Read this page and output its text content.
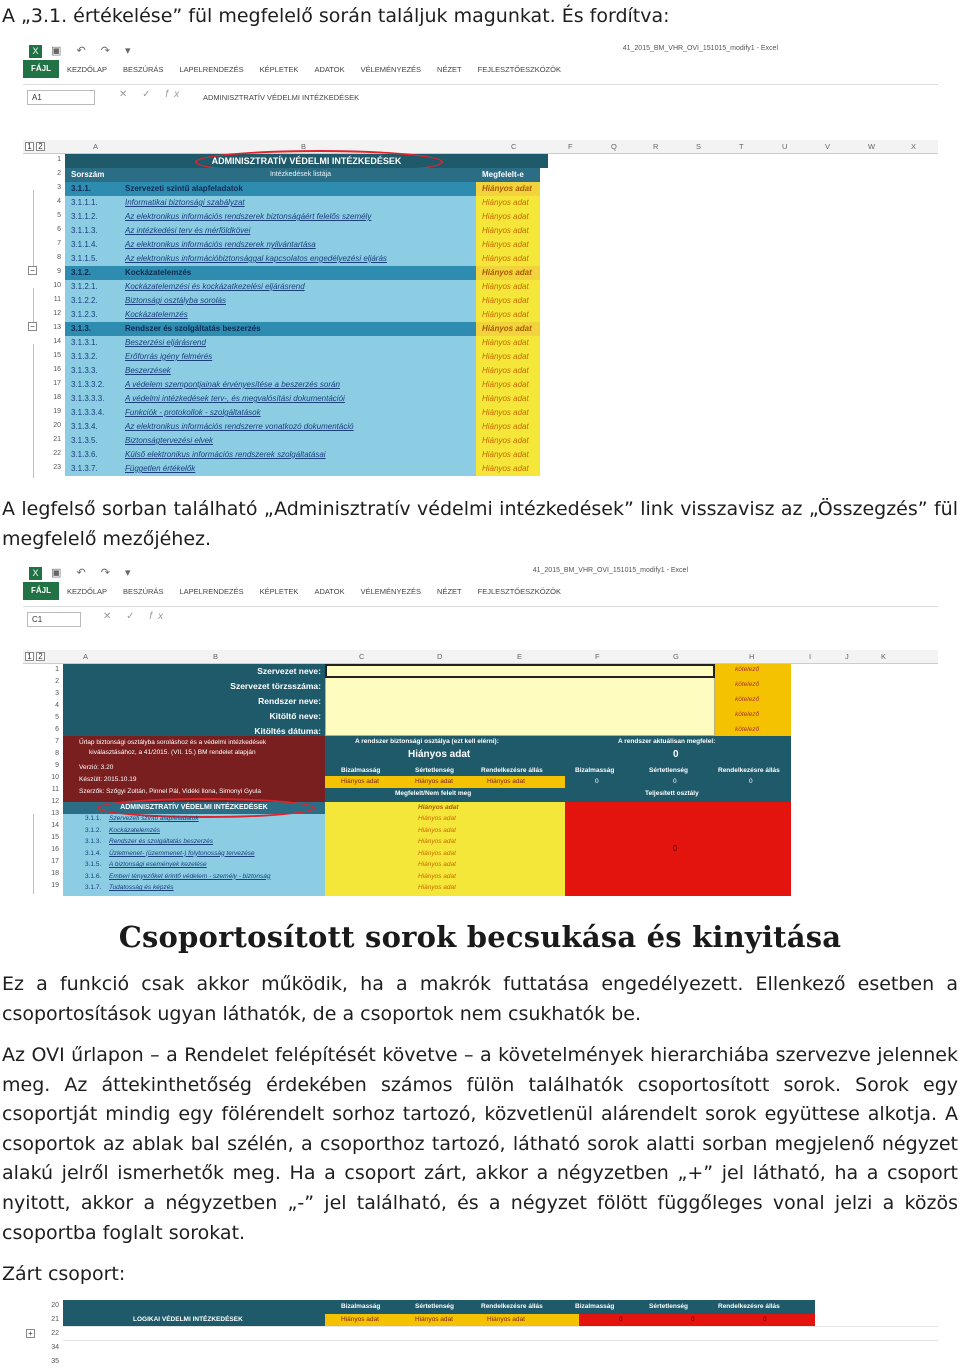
A „3.1. értékelése” fül megfelelő során találjuk magunkat. És fordítva:
X ▣ ↶ ↷ ▾	41_2015_BM_VHR_OVI_151015_modify1 - Excel
FÁJL	KEZDŐLAP BESZÚRÁS LAPELRENDEZÉS KÉPLETEK ADATOK VÉLEMÉNYEZÉS NÉZET FEJLESZTŐESZKÖZÖK
A1	✕ ✓ fx ADMINISZTRATÍV VÉDELMI INTÉZKEDÉSEK
A	B	C	F	Q	R	S	T	U	V	W	X
1 2
ADMINISZTRATÍV VÉDELMI INTÉZKEDÉSEK
Sorszám	Intézkedések listája	Megfelelt-e
3.1.1.	Szervezeti szintű alapfeladatok	Hiányos adat
3.1.1.1.	Informatikai biztonsági szabályzat	Hiányos adat
3.1.1.2.	Az elektronikus információs rendszerek biztonságáért felelős személy	Hiányos adat
3.1.1.3.	Az intézkedési terv és mérföldkövei	Hiányos adat
3.1.1.4.	Az elektronikus információs rendszerek nyilvántartása	Hiányos adat
3.1.1.5.	Az elektronikus információbiztonsággal kapcsolatos engedélyezési eljárás	Hiányos adat
3.1.2.	Kockázatelemzés	Hiányos adat
3.1.2.1.	Kockázatelemzési és kockázatkezelési eljárásrend	Hiányos adat
3.1.2.2.	Biztonsági osztályba sorolás	Hiányos adat
3.1.2.3.	Kockázatelemzés	Hiányos adat
3.1.3.	Rendszer és szolgáltatás beszerzés	Hiányos adat
3.1.3.1.	Beszerzési eljárásrend	Hiányos adat
3.1.3.2.	Erőforrás igény felmérés	Hiányos adat
3.1.3.3.	Beszerzések	Hiányos adat
3.1.3.3.2.	A védelem szempontjainak érvényesítése a beszerzés során	Hiányos adat
3.1.3.3.3.	A védelmi intézkedések terv-, és megvalósítási dokumentációi	Hiányos adat
3.1.3.3.4.	Funkciók - protokollok - szolgáltatások	Hiányos adat
3.1.3.4.	Az elektronikus információs rendszerre vonatkozó dokumentáció	Hiányos adat
3.1.3.5.	Biztonságtervezési elvek	Hiányos adat
3.1.3.6.	Külső elektronikus információs rendszerek szolgáltatásai	Hiányos adat
3.1.3.7.	Független értékelők	Hiányos adat
1
2
3
4
5
6
7
8
9
10
11
12
13
14
15
16
17
18
19
20
21
22
23
−
−
A legfelső sorban található „Adminisztratív védelmi intézkedések” link visszavisz az „Összegzés” fül megfelelő mezőjéhez.
X ▣ ↶ ↷ ▾	41_2015_BM_VHR_OVI_151015_modify1 - Excel
FÁJL	KEZDŐLAP BESZÚRÁS LAPELRENDEZÉS KÉPLETEK ADATOK VÉLEMÉNYEZÉS NÉZET FEJLESZTŐESZKÖZÖK
C1	✕ ✓ fx
A	B	C	D	E	F	G	H	I	J	K
1 2
1
2
3
4
5
6
7
8
9
10
11
12
13
14
15
16
17
18
19
Szervezet neve:
Szervezet törzsszáma:
Rendszer neve:
Kitöltő neve:
Kitöltés dátuma:
kötelező
kötelező
kötelező
kötelező
kötelező
Űrlap biztonsági osztályba soroláshoz és a védelmi intézkedések
kiválasztásához, a 41/2015. (VII. 15.) BM rendelet alapján
Verzió: 3.20
Készült: 2015.10.19
Szerzők: Szőgyi Zoltán, Pinnel Pál, Vidéki Ilona, Simonyi Gyula
A rendszer biztonsági osztálya (ezt kell elérni):
Hiányos adat
A rendszer aktuálisan megfelel:
0
Bizalmasság	Sértetlenség	Rendelkezésre állás	Bizalmasság	Sértetlenség	Rendelkezésre állás
Hiányos adat	Hiányos adat	Hiányos adat	0	0	0
Megfelelt/Nem felelt meg	Teljesített osztály
ADMINISZTRATÍV VÉDELMI INTÉZKEDÉSEK	Hiányos adat
0
3.1.1. Szervezeti szintű alapfeladatok	Hiányos adat
3.1.2. Kockázatelemzés	Hiányos adat
3.1.3. Rendszer és szolgáltatás beszerzés	Hiányos adat
3.1.4. Üzletmenet- (üzemmenet-) folytonosság tervezése	Hiányos adat
3.1.5. A biztonsági események kezelése	Hiányos adat
3.1.6. Emberi tényezőket érintő védelem - személy - biztonság	Hiányos adat
3.1.7. Tudatosság és képzés	Hiányos adat
Csoportosított sorok becsukása és kinyitása
Ez a funkció csak akkor működik, ha a makrók futtatása engedélyezett. Ellenkező esetben a csoportosítások ugyan láthatók, de a csoportok nem csukhatók be.
Az OVI űrlapon – a Rendelet felépítését követve – a követelmények hierarchiába szervezve jelennek meg. Az áttekinthetőség érdekében számos fülön találhatók csoportosított sorok. Sorok egy csoportját mindig egy fölérendelt sorhoz tartozó, közvetlenül alárendelt sorok együttese alkotja. A csoportok az ablak bal szélén, a csoporthoz tartozó, látható sorok alatti sorban megjelenő négyzet alakú jelről ismerhetők meg. Ha a csoport zárt, akkor a négyzetben „+” jel látható, ha a csoport nyitott, akkor a négyzetben „-” jel található, és a négyzet fölött függőleges vonal jelzi a közös csoportba foglalt sorokat.
Zárt csoport:
20
21
22
34
35
Bizalmasság	Sértetlenség	Rendelkezésre állás	Bizalmasság	Sértetlenség	Rendelkezésre állás
LOGIKAI VÉDELMI INTÉZKEDÉSEK	Hiányos adat	Hiányos adat	Hiányos adat	0	0	0
+
